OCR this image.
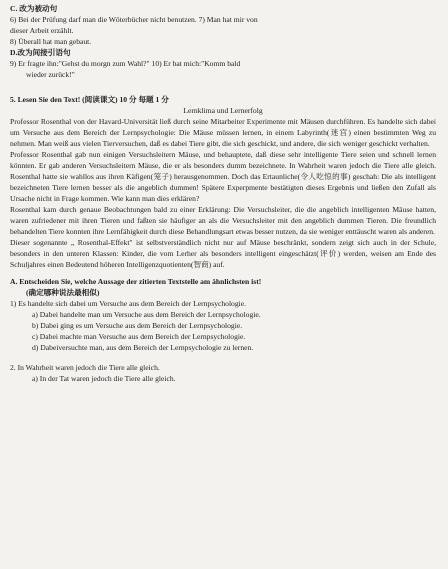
C. 改为被动句
6) Bei der Prüfung darf man die Wöterbücher nicht benutzen. 7) Man hat mir von
dieser Arbeit erzählt.
8) Überall hat man gebaut.
D.改为间接引语句
9) Er fragte ihn:"Gehst du morgn zum Wahl?" 10) Er bat mich:"Komm bald
wieder zurück!"
5. Lesen Sie den Text! (阅读课文) 10 分 每题 1 分
Lernklima und Lernerfolg

Professor Rosenthal von der Havard-Universität ließ durch seine Mitarbeiter Experimente mit Mäusen durchführen. Es handelte sich dabei um Versuche aus dem Bereich der Lernpsychologie: Die Mäuse müssen lernen, in einem Labyrinth(迷宫) einen bestimmten Weg zu nehmen. Man weiß aus vielen Tierversuchen, daß es dabei Tiere gibt, die sich geschickt, und andere, die sich weniger geschickt verhalten.

Professor Rosenthal gab nun einigen Versuchsleitern Mäuse, und behauptete, daß diese sehr intelligente Tiere seien und schnell lernen könnten. Er gab anderen Versuchsleitern Mäuse, die er als besonders dumm bezeichnete. In Wahrheit waren jedoch die Tiere alle gleich. Rosenthal hatte sie wahllos aus ihren Käfigen(笼子) herausgenommen. Doch das Ertaunliche(令人吃惊的事) geschah: Die als intelligent bezeichneten Tiere lernen besser als die angeblich dummen! Spätere Experpmente bestätigten dieses Ergebnis und ließen den Zufall als Ursache nicht in Frage kommen. Wie kann man dies erklären?

Rosenthal kam durch genaue Beobachtungen bald zu einer Erklärung: Die Versuchsleiter, die die angeblich intelligenten Mäuse hatten, waren zufriedener mit ihren Tieren und faßten sie häufiger an als die Versuchsleiter mit den angeblich dummen Tieren. Die freundlich behandelten Tiere konnten ihre Lernfähigkeit durch diese Behandlungsart etwas besser nutzen, da sie weniger enttäuscht waren als anderen.

Dieser sogenannte „ Rosenthal-Effekt" ist selbstverständlich nicht nur auf Mäuse beschränkt, sondern zeigt sich auch in der Schule, besonders in den unteren Klassen: Kinder, die vom Lerher als besonders intelligent eingeschätzt(评价) werden, weisen am Ende des Schuljahres einen Bedeutend höheren Intelligenzquotienten(智商) auf.

A. Entscheiden Sie, welche Aussage der zitierten Textstelle am ähnlichsten ist!
(确定哪种说法最相似)
1) Es handelte sich dabei um Versuche aus dem Bereich der Lernpsychologie.
a) Dabei handelte man um Versuche aus dem Bereich der Lernpsychologie.
b) Dabei ging es um Versuche aus dem Bereich der Lernpsychologie.
c) Dabei machte man Versuche aus dem Bereich der Lernpsychologie.
d) Dabeiversuchte man, aus dem Bereich der Lernpsychologie zu lernen.
2. In Wahrheit waren jedoch die Tiere alle gleich.
a) In der Tat waren jedoch die Tiere alle gleich.
